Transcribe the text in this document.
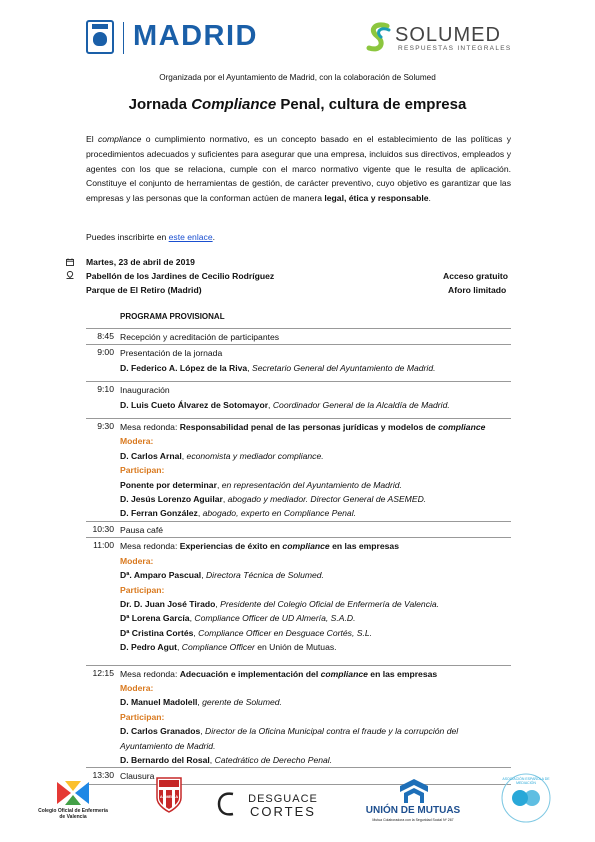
MADRID	SOLUMED
RESPUESTAS INTEGRALES
Organizada por el Ayuntamiento de Madrid, con la colaboración de Solumed
Jornada Compliance Penal, cultura de empresa
El compliance o cumplimiento normativo, es un concepto basado en el establecimiento de las políticas y procedimientos adecuados y suficientes para asegurar que una empresa, incluidos sus directivos, empleados y agentes con los que se relaciona, cumple con el marco normativo vigente que le resulta de aplicación. Constituye el conjunto de herramientas de gestión, de carácter preventivo, cuyo objetivo es garantizar que las empresas y las personas que la conforman actúen de manera legal, ética y responsable.
Puedes inscribirte en este enlace.
Martes, 23 de abril de 2019
Pabellón de los Jardines de Cecilio Rodríguez
Parque de El Retiro (Madrid)
Acceso gratuito
Aforo limitado
PROGRAMA PROVISIONAL
8:45 Recepción y acreditación de participantes
9:00 Presentación de la jornada
D. Federico A. López de la Riva, Secretario General del Ayuntamiento de Madrid.
9:10 Inauguración
D. Luis Cueto Álvarez de Sotomayor, Coordinador General de la Alcaldía de Madrid.
9:30 Mesa redonda: Responsabilidad penal de las personas jurídicas y modelos de compliance
Modera:
D. Carlos Arnal, economista y mediador compliance.
Participan:
Ponente por determinar, en representación del Ayuntamiento de Madrid.
D. Jesús Lorenzo Aguilar, abogado y mediador. Director General de ASEMED.
D. Ferran González, abogado, experto en Compliance Penal.
10:30 Pausa café
11:00 Mesa redonda: Experiencias de éxito en compliance en las empresas
Modera:
Dª. Amparo Pascual, Directora Técnica de Solumed.
Participan:
Dr. D. Juan José Tirado, Presidente del Colegio Oficial de Enfermería de Valencia.
Dª Lorena García, Compliance Officer de UD Almería, S.A.D.
Dª Cristina Cortés, Compliance Officer en Desguace Cortés, S.L.
D. Pedro Agut, Compliance Officer en Unión de Mutuas.
12:15 Mesa redonda: Adecuación e implementación del compliance en las empresas
Modera:
D. Manuel Madolell, gerente de Solumed.
Participan:
D. Carlos Granados, Director de la Oficina Municipal contra el fraude y la corrupción del Ayuntamiento de Madrid.
D. Bernardo del Rosal, Catedrático de Derecho Penal.
13:30 Clausura
Colegio Oficial de Enfermería de Valencia
ALMERÍA	DESGUACE
CORTES	UNIÓN DE MUTUAS
Mutua Colaboradora con la Seguridad Social Nº 267
ASOCIACIÓN ESPAÑOLA DE MEDIACIÓN
